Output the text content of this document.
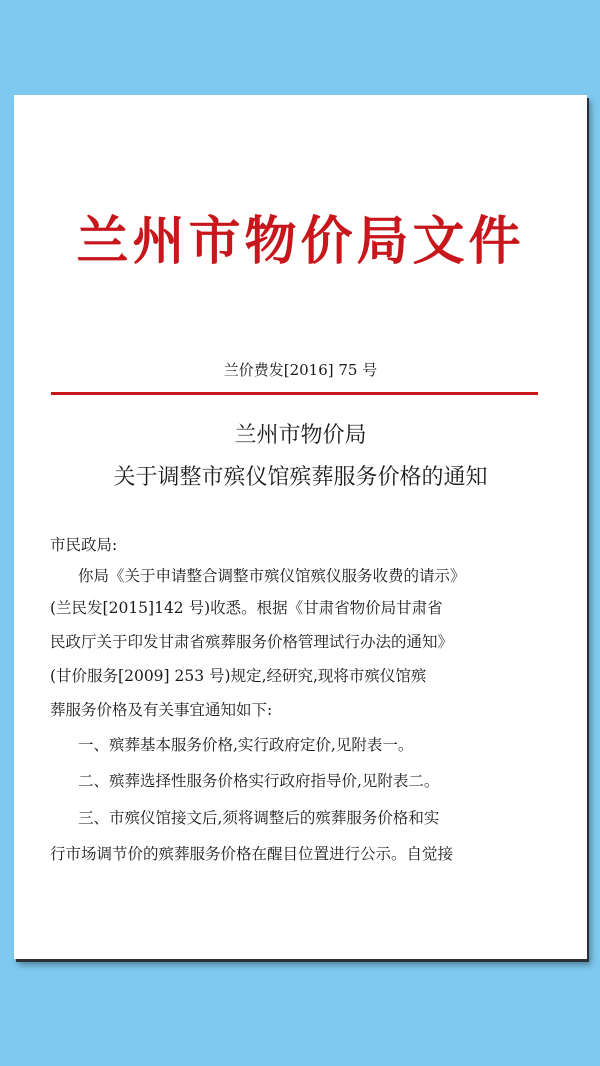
兰州市物价局文件
兰价费发[2016] 75 号
兰州市物价局
关于调整市殡仪馆殡葬服务价格的通知
市民政局:
你局《关于申请整合调整市殡仪馆殡仪服务收费的请示》
(兰民发[2015]142 号)收悉。根据《甘肃省物价局甘肃省
民政厅关于印发甘肃省殡葬服务价格管理试行办法的通知》
(甘价服务[2009] 253 号)规定,经研究,现将市殡仪馆殡
葬服务价格及有关事宜通知如下:
一、殡葬基本服务价格,实行政府定价,见附表一。
二、殡葬选择性服务价格实行政府指导价,见附表二。
三、市殡仪馆接文后,须将调整后的殡葬服务价格和实
行市场调节价的殡葬服务价格在醒目位置进行公示。自觉接
